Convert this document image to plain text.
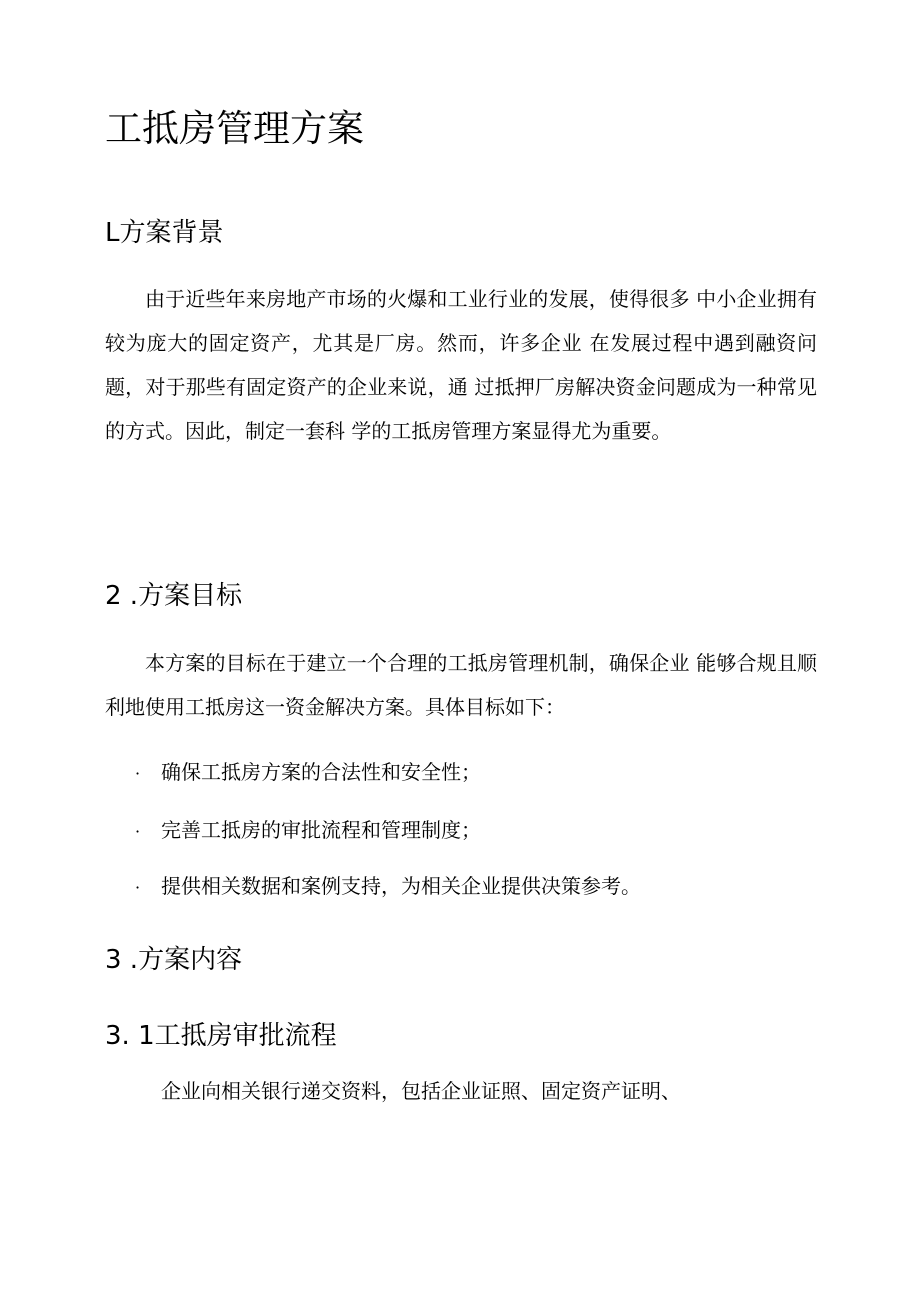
工抵房管理方案
L方案背景

由于近些年来房地产市场的火爆和工业行业的发展，使得很多 中小企业拥有较为庞大的固定资产，尤其是厂房。然而，许多企业 在发展过程中遇到融资问题，对于那些有固定资产的企业来说，通 过抵押厂房解决资金问题成为一种常见的方式。因此，制定一套科 学的工抵房管理方案显得尤为重要。

2 .方案目标

本方案的目标在于建立一个合理的工抵房管理机制，确保企业 能够合规且顺利地使用工抵房这一资金解决方案。具体目标如下：

· 确保工抵房方案的合法性和安全性；
· 完善工抵房的审批流程和管理制度；
· 提供相关数据和案例支持，为相关企业提供决策参考。
3 .方案内容
3. 1工抵房审批流程

企业向相关银行递交资料，包括企业证照、固定资产证明、
